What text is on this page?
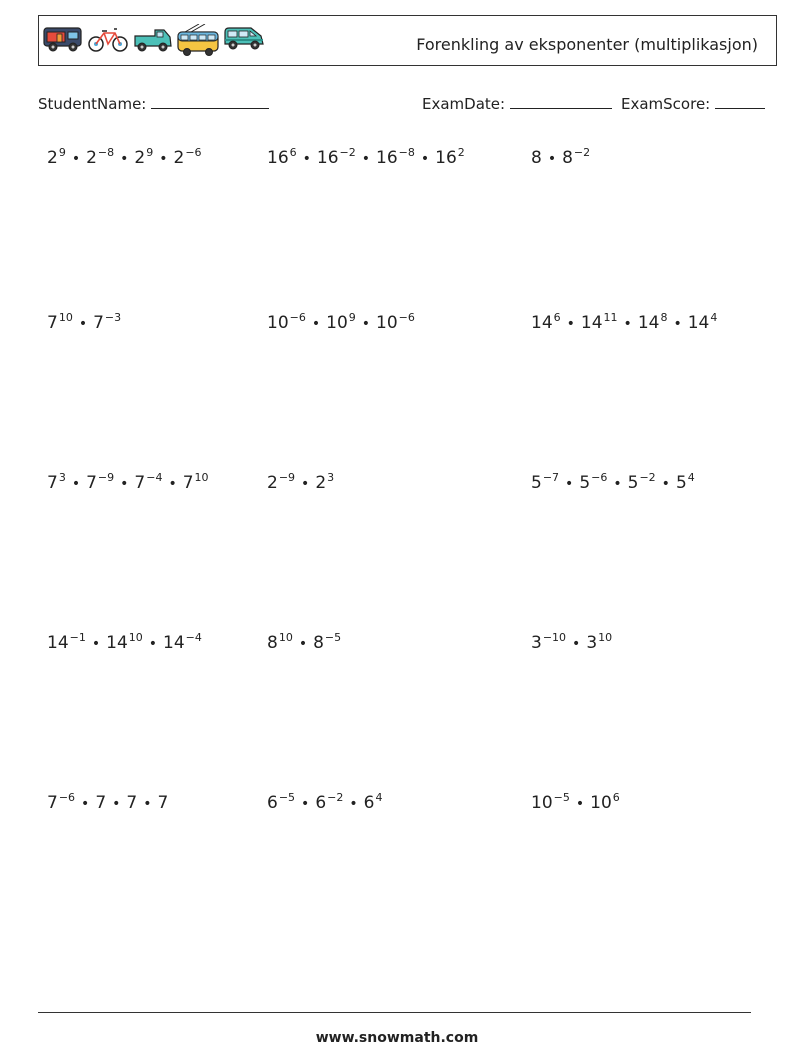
Forenkling av eksponenter (multiplikasjon)
StudentName:	ExamDate:	ExamScore:
$2^9$ • $2^{-8}$ • $2^9$ • $2^{-6}$	$16^6$ • $16^{-2}$ • $16^{-8}$ • $16^2$	8 • $8^{-2}$
$7^{10}$ • $7^{-3}$	$10^{-6}$ • $10^9$ • $10^{-6}$	$14^6$ • $14^{11}$ • $14^8$ • $14^4$
$7^3$ • $7^{-9}$ • $7^{-4}$ • $7^{10}$	$2^{-9}$ • $2^3$	$5^{-7}$ • $5^{-6}$ • $5^{-2}$ • $5^4$
$14^{-1}$ • $14^{10}$ • $14^{-4}$	$8^{10}$ • $8^{-5}$	$3^{-10}$ • $3^{10}$
$7^{-6}$ • 7 • 7 • 7	$6^{-5}$ • $6^{-2}$ • $6^4$	$10^{-5}$ • $10^6$
www.snowmath.com
